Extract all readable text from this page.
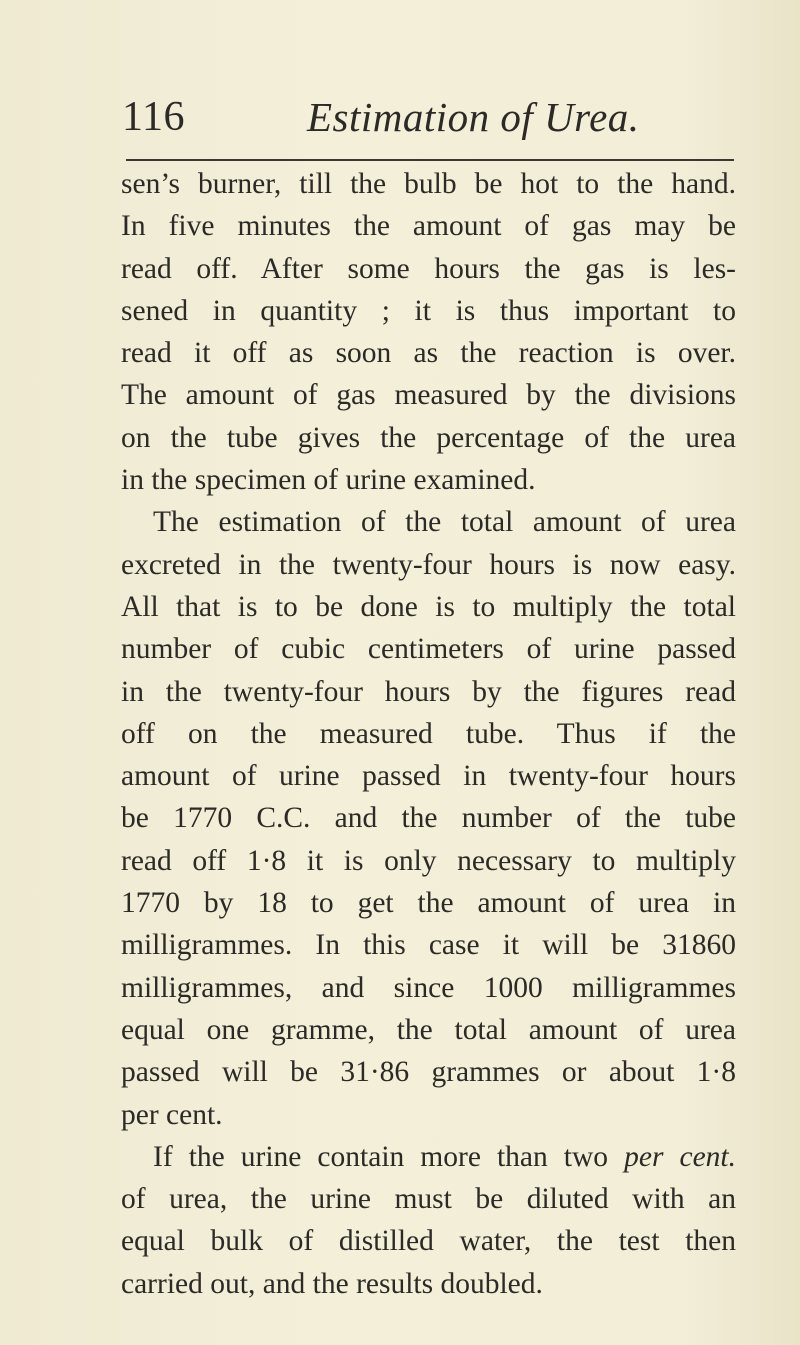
116	Estimation of Urea.
sen’s burner, till the bulb be hot to the hand.
In five minutes the amount of gas may be
read off. After some hours the gas is les-
sened in quantity ; it is thus important to
read it off as soon as the reaction is over.
The amount of gas measured by the divisions
on the tube gives the percentage of the urea
in the specimen of urine examined.
The estimation of the total amount of urea
excreted in the twenty-four hours is now easy.
All that is to be done is to multiply the total
number of cubic centimeters of urine passed
in the twenty-four hours by the figures read
off on the measured tube. Thus if the
amount of urine passed in twenty-four hours
be 1770 C.C. and the number of the tube
read off 1·8 it is only necessary to multiply
1770 by 18 to get the amount of urea in
milligrammes. In this case it will be 31860
milligrammes, and since 1000 milligrammes
equal one gramme, the total amount of urea
passed will be 31·86 grammes or about 1·8
per cent.
If the urine contain more than two per cent.
of urea, the urine must be diluted with an
equal bulk of distilled water, the test then
carried out, and the results doubled.
